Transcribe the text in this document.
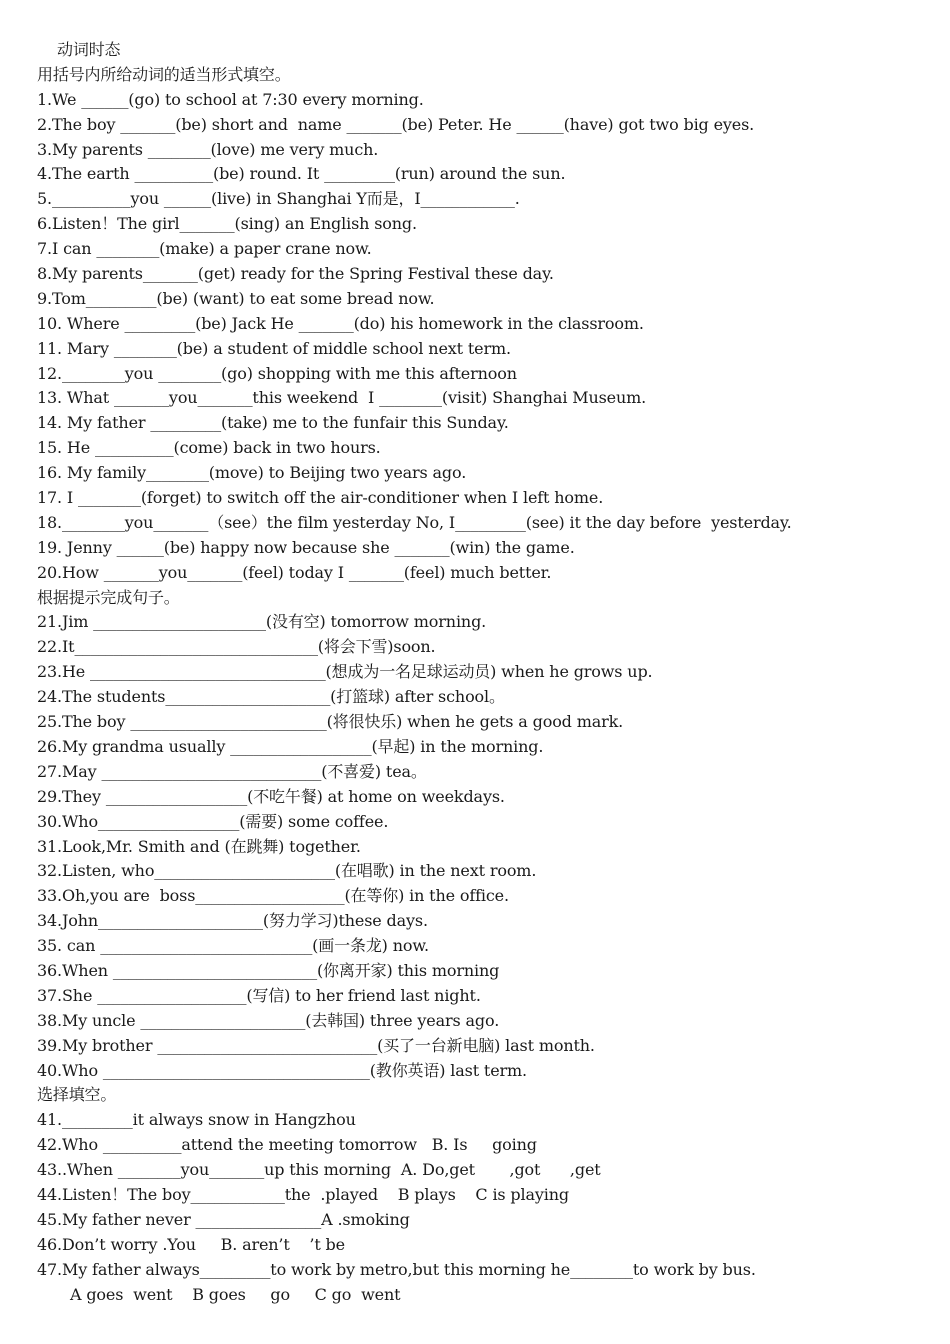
动词时态
用括号内所给动词的适当形式填空。
1.We ______(go) to school at 7:30 every morning.
2.The boy _______(be) short and  name _______(be) Peter. He ______(have) got two big eyes.
3.My parents ________(love) me very much.
4.The earth __________(be) round. It _________(run) around the sun.
5.__________you ______(live) in Shanghai Y而是，I____________.
6.Listen！The girl_______(sing) an English song.
7.I can ________(make) a paper crane now.
8.My parents_______(get) ready for the Spring Festival these day.
9.Tom_________(be) (want) to eat some bread now.
10. Where _________(be) Jack He _______(do) his homework in the classroom.
11. Mary ________(be) a student of middle school next term.
12.________you ________(go) shopping with me this afternoon
13. What _______you_______this weekend  I ________(visit) Shanghai Museum.
14. My father _________(take) me to the funfair this Sunday.
15. He __________(come) back in two hours.
16. My family________(move) to Beijing two years ago.
17. I ________(forget) to switch off the air-conditioner when I left home.
18.________you_______（see）the film yesterday No, I_________(see) it the day before  yesterday.
19. Jenny ______(be) happy now because she _______(win) the game.
20.How _______you_______(feel) today I _______(feel) much better.
根据提示完成句子。
21.Jim ______________________(没有空) tomorrow morning.
22.It_______________________________(将会下雪)soon.
23.He ______________________________(想成为一名足球运动员) when he grows up.
24.The students_____________________(打篮球) after school。
25.The boy _________________________(将很快乐) when he gets a good mark.
26.My grandma usually __________________(早起) in the morning.
27.May ____________________________(不喜爱) tea。
29.They __________________(不吃午餐) at home on weekdays.
30.Who__________________(需要) some coffee.
31.Look,Mr. Smith and (在跳舞) together.
32.Listen, who_______________________(在唱歌) in the next room.
33.Oh,you are  boss___________________(在等你) in the office.
34.John_____________________(努力学习)these days.
35. can ___________________________(画一条龙) now.
36.When __________________________(你离开家) this morning
37.She ___________________(写信) to her friend last night.
38.My uncle _____________________(去韩国) three years ago.
39.My brother ____________________________(买了一台新电脑) last month.
40.Who __________________________________(教你英语) last term.
选择填空。
41._________it always snow in Hangzhou
42.Who __________attend the meeting tomorrow   B. Is     going
43..When ________you_______up this morning  A. Do,get       ,got      ,get
44.Listen！The boy____________the  .played    B plays    C is playing
45.My father never ________________A .smoking
46.Don’t worry .You     B. aren’t    ’t be
47.My father always_________to work by metro,but this morning he________to work by bus.
A goes  went    B goes     go     C go  went
